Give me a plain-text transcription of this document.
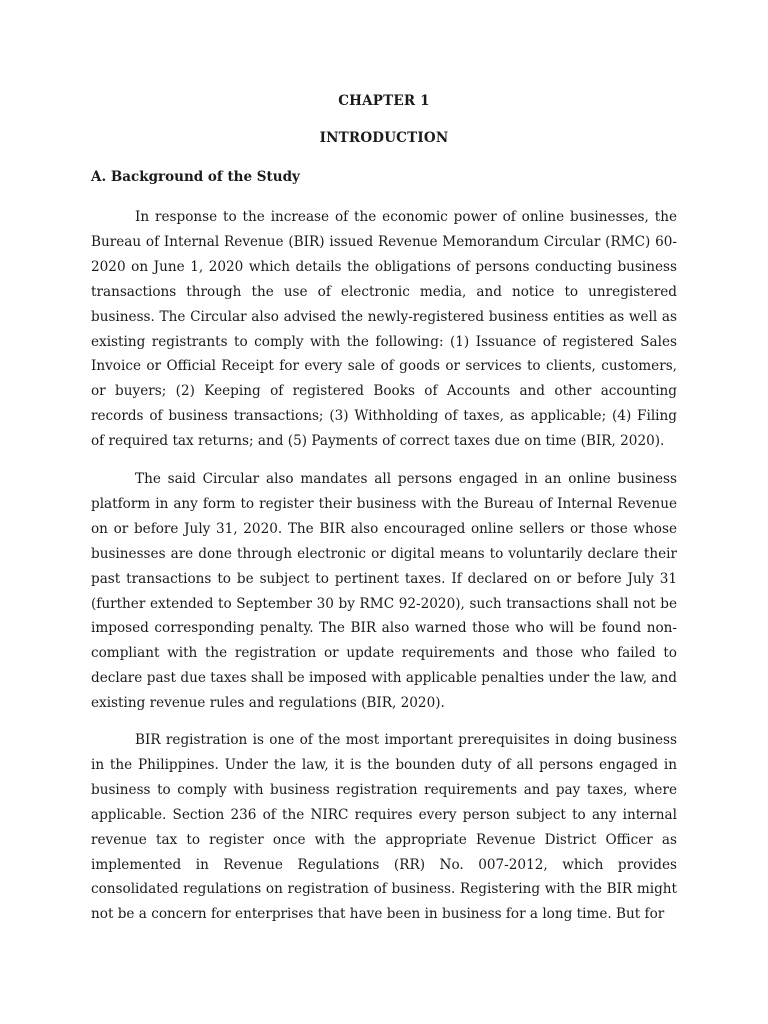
CHAPTER 1
INTRODUCTION
A. Background of the Study

In response to the increase of the economic power of online businesses, the Bureau of Internal Revenue (BIR) issued Revenue Memorandum Circular (RMC) 60-2020 on June 1, 2020 which details the obligations of persons conducting business transactions through the use of electronic media, and notice to unregistered business. The Circular also advised the newly-registered business entities as well as existing registrants to comply with the following: (1) Issuance of registered Sales Invoice or Official Receipt for every sale of goods or services to clients, customers, or buyers; (2) Keeping of registered Books of Accounts and other accounting records of business transactions; (3) Withholding of taxes, as applicable; (4) Filing of required tax returns; and (5) Payments of correct taxes due on time (BIR, 2020).

The said Circular also mandates all persons engaged in an online business platform in any form to register their business with the Bureau of Internal Revenue on or before July 31, 2020. The BIR also encouraged online sellers or those whose businesses are done through electronic or digital means to voluntarily declare their past transactions to be subject to pertinent taxes. If declared on or before July 31 (further extended to September 30 by RMC 92-2020), such transactions shall not be imposed corresponding penalty. The BIR also warned those who will be found non-compliant with the registration or update requirements and those who failed to declare past due taxes shall be imposed with applicable penalties under the law, and existing revenue rules and regulations (BIR, 2020).

BIR registration is one of the most important prerequisites in doing business in the Philippines. Under the law, it is the bounden duty of all persons engaged in business to comply with business registration requirements and pay taxes, where applicable. Section 236 of the NIRC requires every person subject to any internal revenue tax to register once with the appropriate Revenue District Officer as implemented in Revenue Regulations (RR) No. 007-2012, which provides consolidated regulations on registration of business. Registering with the BIR might not be a concern for enterprises that have been in business for a long time. But for
